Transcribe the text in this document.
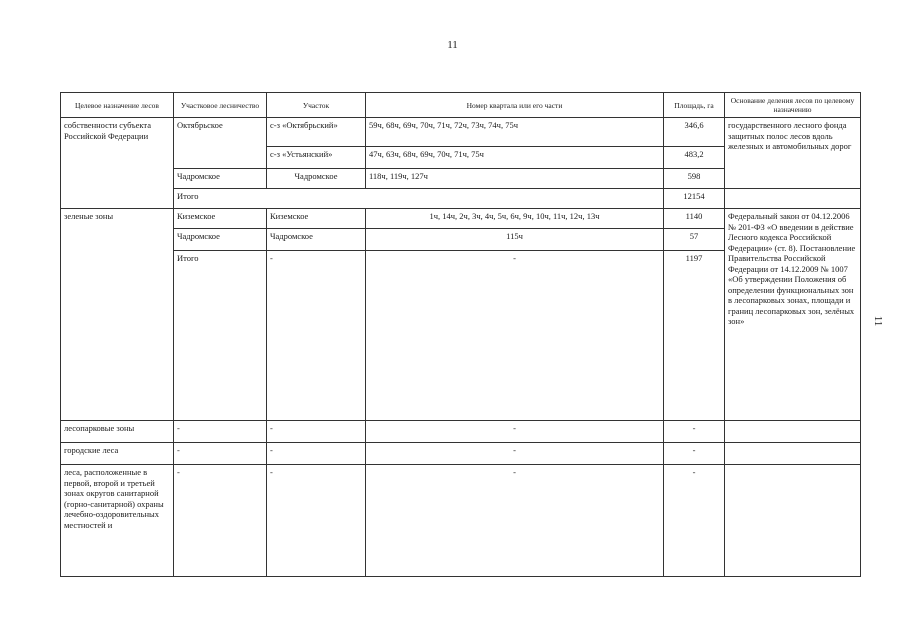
11
11
Целевое назначение лесов	Участковое лесничество	Участок	Номер квартала или его части	Площадь, га	Основание деления лесов по целевому назначению
собственности субъекта Российской Федерации	Октябрьское	с-з «Октябрьский»	59ч, 68ч, 69ч, 70ч, 71ч, 72ч, 73ч, 74ч, 75ч	346,6	государственного лесного фонда защитных полос лесов вдоль железных и автомобильных дорог
		с-з «Устьянский»	47ч, 63ч, 68ч, 69ч, 70ч, 71ч, 75ч	483,2	
	Чадромское	Чадромское	118ч, 119ч, 127ч	598	
	Итого			12154	
зеленые зоны	Киземское	Киземское	1ч, 14ч, 2ч, 3ч, 4ч, 5ч, 6ч, 9ч, 10ч, 11ч, 12ч, 13ч	1140	Федеральный закон от 04.12.2006 № 201-ФЗ «О введении в действие Лесного кодекса Российской Федерации» (ст. 8). Постановление Правительства Российской Федерации от 14.12.2009 № 1007 «Об утверждении Положения об определении функциональных зон в лесопарковых зонах, площади и границ лесопарковых зон, зелёных зон»
	Чадромское	Чадромское	115ч	57	
	Итого	-	-	1197	
лесопарковые зоны	-	-	-	-	
городские леса	-	-	-	-	
леса, расположенные в первой, второй и третьей зонах округов санитарной (горно-санитарной) охраны лечебно-оздоровительных местностей и	-	-	-	-	
